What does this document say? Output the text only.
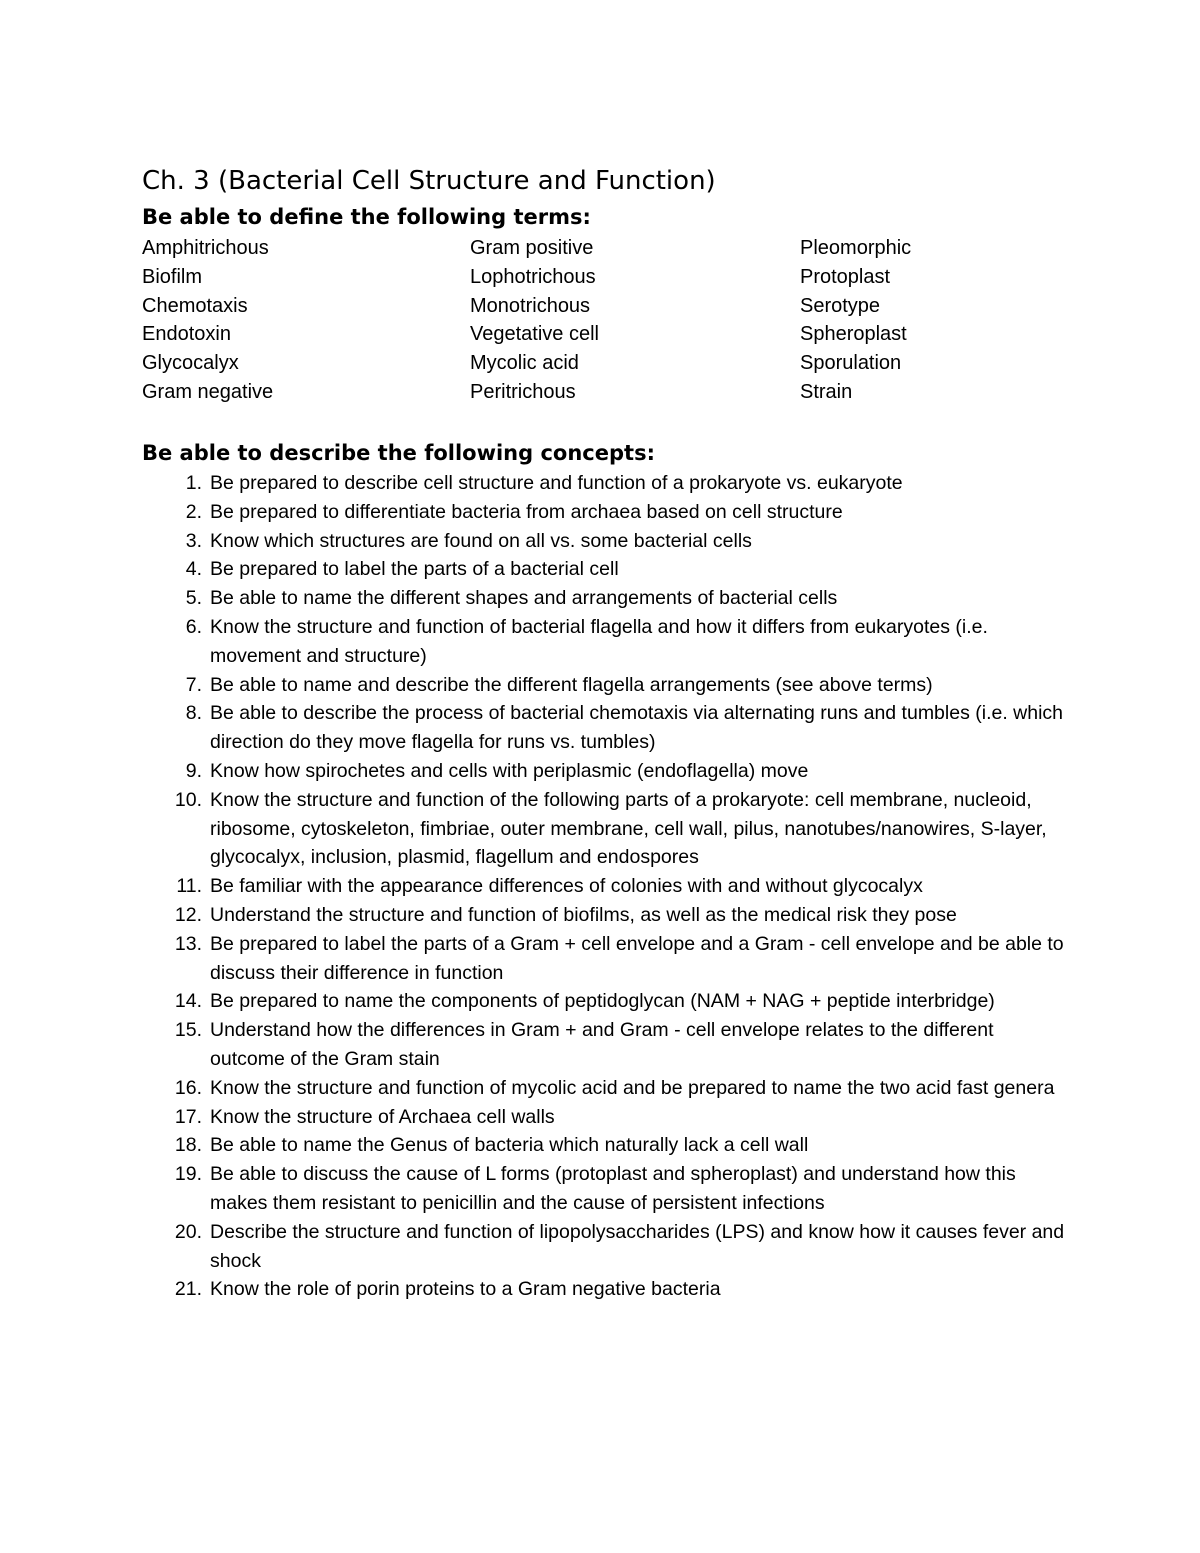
Ch. 3 (Bacterial Cell Structure and Function)
Be able to define the following terms:
Amphitrichous
Biofilm
Chemotaxis
Endotoxin
Glycocalyx
Gram negative
Gram positive
Lophotrichous
Monotrichous
Vegetative cell
Mycolic acid
Peritrichous
Pleomorphic
Protoplast
Serotype
Spheroplast
Sporulation
Strain
Be able to describe the following concepts:
1. Be prepared to describe cell structure and function of a prokaryote vs. eukaryote
2. Be prepared to differentiate bacteria from archaea based on cell structure
3. Know which structures are found on all vs. some bacterial cells
4. Be prepared to label the parts of a bacterial cell
5. Be able to name the different shapes and arrangements of bacterial cells
6. Know the structure and function of bacterial flagella and how it differs from eukaryotes (i.e. movement and structure)
7. Be able to name and describe the different flagella arrangements (see above terms)
8. Be able to describe the process of bacterial chemotaxis via alternating runs and tumbles (i.e. which direction do they move flagella for runs vs. tumbles)
9. Know how spirochetes and cells with periplasmic (endoflagella) move
10. Know the structure and function of the following parts of a prokaryote: cell membrane, nucleoid, ribosome, cytoskeleton, fimbriae, outer membrane, cell wall, pilus, nanotubes/nanowires, S-layer, glycocalyx, inclusion, plasmid, flagellum and endospores
11. Be familiar with the appearance differences of colonies with and without glycocalyx
12. Understand the structure and function of biofilms, as well as the medical risk they pose
13. Be prepared to label the parts of a Gram + cell envelope and a Gram - cell envelope and be able to discuss their difference in function
14. Be prepared to name the components of peptidoglycan (NAM + NAG + peptide interbridge)
15. Understand how the differences in Gram + and Gram - cell envelope relates to the different outcome of the Gram stain
16. Know the structure and function of mycolic acid and be prepared to name the two acid fast genera
17. Know the structure of Archaea cell walls
18. Be able to name the Genus of bacteria which naturally lack a cell wall
19. Be able to discuss the cause of L forms (protoplast and spheroplast) and understand how this makes them resistant to penicillin and the cause of persistent infections
20. Describe the structure and function of lipopolysaccharides (LPS) and know how it causes fever and shock
21. Know the role of porin proteins to a Gram negative bacteria
